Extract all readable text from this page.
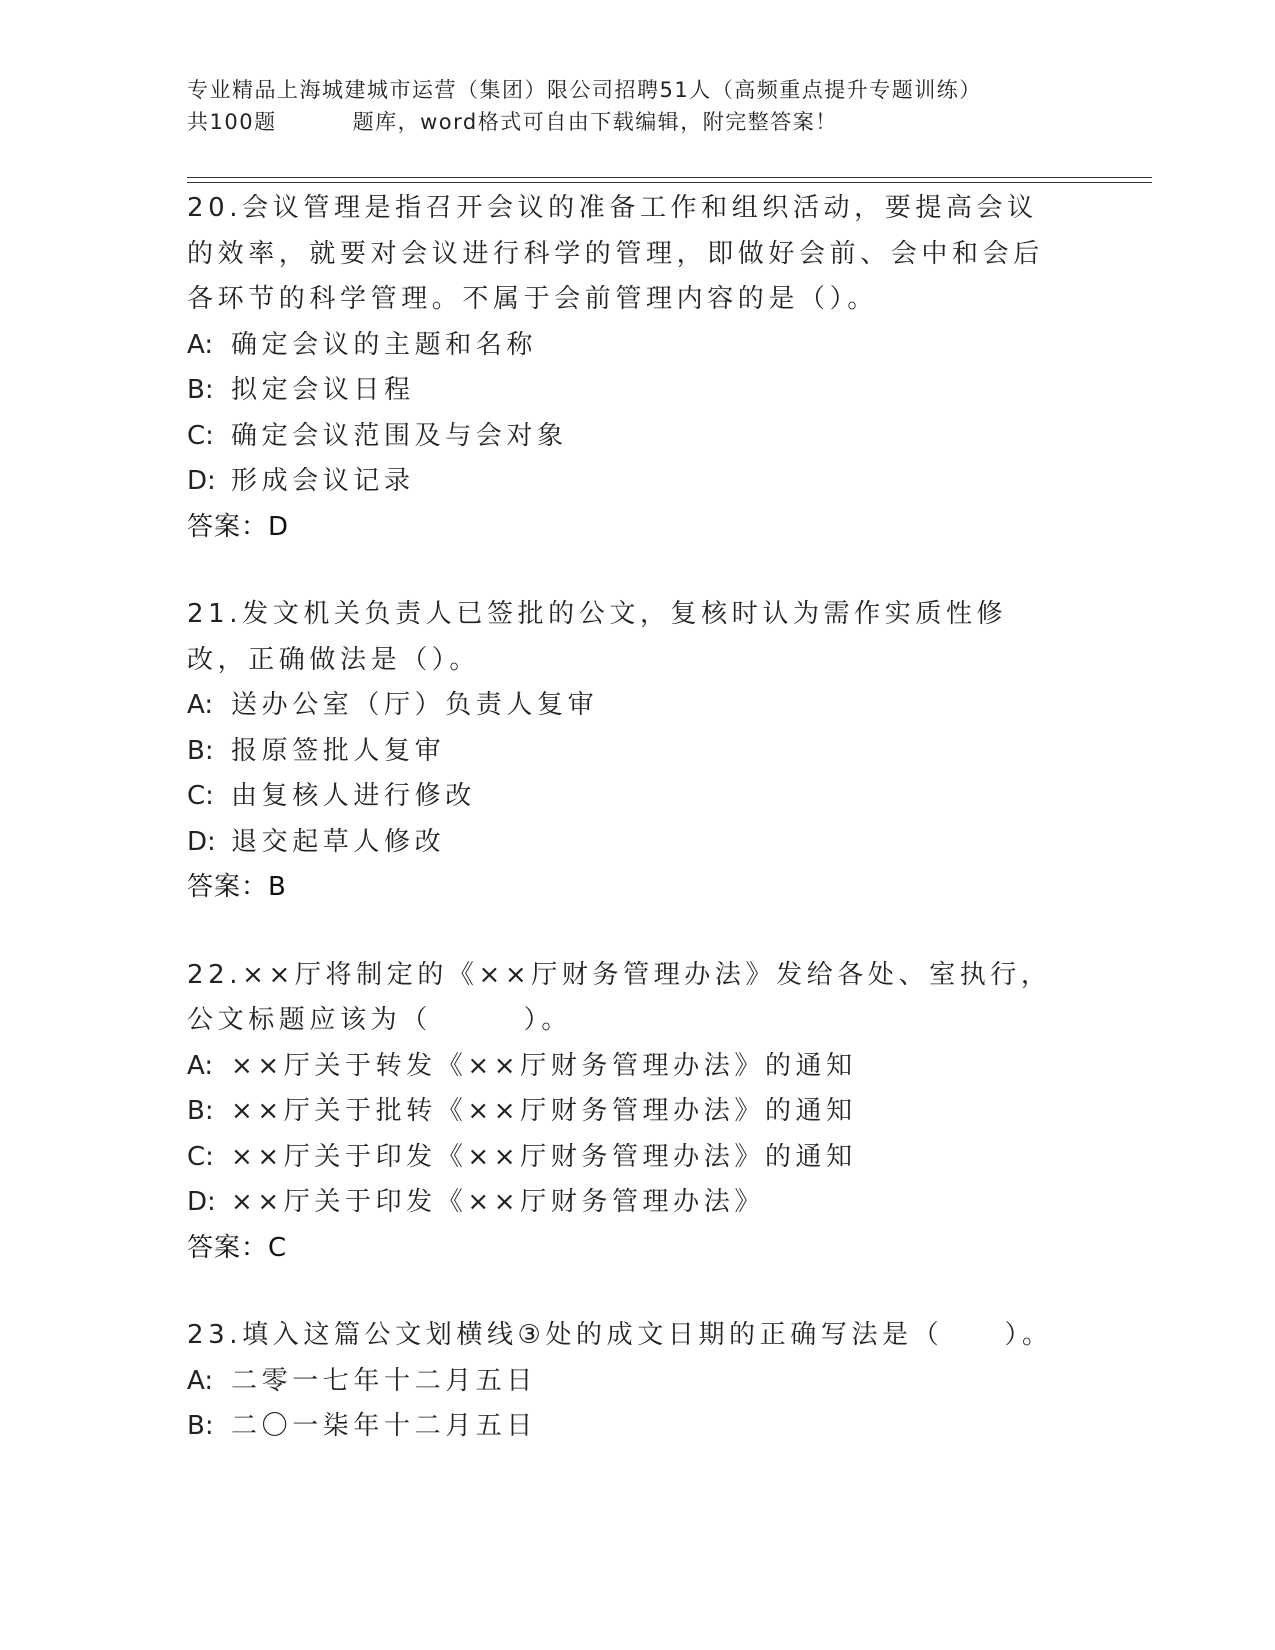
专业精品上海城建城市运营（集团）限公司招聘51人（高频重点提升专题训练）
共100题	题库，word格式可自由下载编辑，附完整答案！

20.会议管理是指召开会议的准备工作和组织活动，要提高会议的效率，就要对会议进行科学的管理，即做好会前、会中和会后各环节的科学管理。不属于会前管理内容的是（）。

A: 确定会议的主题和名称
B: 拟定会议日程
C: 确定会议范围及与会对象
D: 形成会议记录
答案：D

21.发文机关负责人已签批的公文，复核时认为需作实质性修改，正确做法是（）。

A: 送办公室（厅）负责人复审
B: 报原签批人复审
C: 由复核人进行修改
D: 退交起草人修改
答案：B

22.××厅将制定的《××厅财务管理办法》发给各处、室执行，公文标题应该为（　　　）。

A: ××厅关于转发《××厅财务管理办法》的通知
B: ××厅关于批转《××厅财务管理办法》的通知
C: ××厅关于印发《××厅财务管理办法》的通知
D: ××厅关于印发《××厅财务管理办法》
答案：C

23.填入这篇公文划横线③处的成文日期的正确写法是（　　）。

A: 二零一七年十二月五日
B: 二〇一柒年十二月五日
